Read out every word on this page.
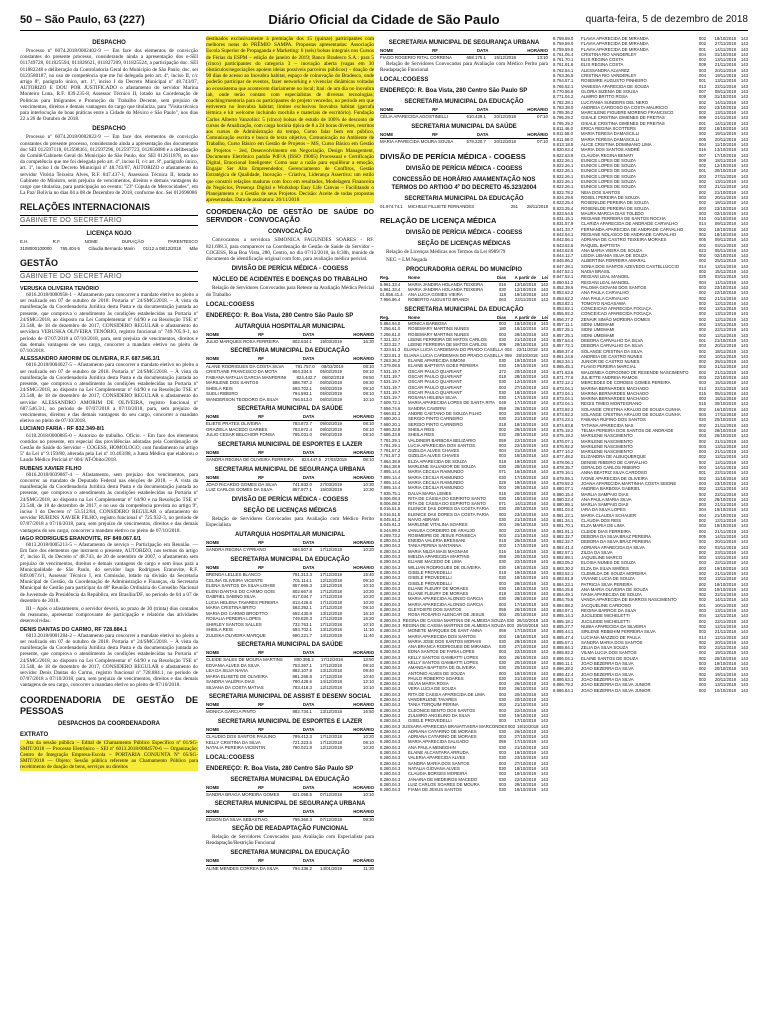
50 – São Paulo, 63 (227)	Diário Oficial da Cidade de São Paulo	quarta-feira, 5 de dezembro de 2018
DESPACHO

Processo nº 6074.2018/0002402-9 — Em face dos elementos de convicção constantes do presente processo, considerando ainda a apresentação dos e-SEI 011749728, 011825594, 011826621, 011827209, 011825524, a participação doc. SEI 011882248 e deliberação da Controladoria Geral do Município de São Paulo, doc. sei 0123580187, no uso de competência que me foi delegada pelo art. 4º, inciso II, c/c artigo 8º, parágrafo único, art. 1º, inciso I do Decreto Municipal nº 48.743/07, AUTORIZO E DOU POR JUSTIFICADO o afastamento do servidor Marina Monteiro Luna, R.F. 839.235-8, Assessor Técnico II, lotado na Coordenação de Políticas para Imigrantes e Promoção do Trabalho Decente, sem prejuízo de vencimentos, direitos e demais vantagens do cargo que titulariza, para "Visita técnica para interlocução de boas práticas entre a Cidade do México e São Paulo", nos dias 22 a 26 de Outubro de 2018.

DESPACHO

Processo nº 6074.2018/0002822-9 — Em face dos elementos de convicção constantes do presente processo, considerando ainda a apresentação dos documentos doc SEI 012597118, 012598361, 012597296, 012597723, 012656086 e a deliberação do Comitê/Gabinete Geral do Município de São Paulo, doc SEI 012611878, no uso da competência que me foi delegada pelo art. 4º, inciso II, c/c art. 8º, parágrafo único, art. 1º, inciso I do Decreto Municipal nº 48.743/07, AUTORIZO o afastamento do servidor Vitória Teixeira Alves, R.F. 847.437-1, Assessora Técnica II, lotada no Gabinete do Ministro, sem prejuízo de vencimentos, direitos e demais vantagens do cargo que titulariza, para participação no evento: "23º Cúpula de Mercocidades", em La Paz/ Bolívia no dias 04 a 08 de Dezembro de 2018, conforme doc. Sei 012696086

RELAÇÕES INTERNACIONAIS
GABINETE DO SECRETÁRIO
LICENÇA NOJO
E.H.	R.F.	NOME	DURAÇÃO	PARENTESCO
3108000100000 765.404-5 Cláudia Bernardo Marin 01/12 a 08/12/2018 Mãe
GESTÃO
GABINETE DO SECRETÁRIO
VERUSKA OLIVEIRA TENÓRIO

6016.2018/0000958-1 – Afastamento para concorrer a mandato eletivo no pleito a ser realizado em 07 de outubro de 2018. Portaria nº 24/SMG/2018. – À vista da manifestação da Coordenadoria Jurídica desta Pasta e da documentação juntada ao presente, que comprova o atendimento às condições estabelecidas na Portaria nº 24/SMG/2018, ao disposto na Lei Complementar nº 64/90 e na Resolução TSE nº 23.548, de 18 de dezembro de 2017, CONSIDERO REGULAR o afastamento do servidora VERUSKA OLIVEIRA TENÓRIO, registro funcional nº 749.705.9-1, no período de 07/07/2018 a 07/10/2018, para, sem prejuízo de vencimentos, direitos e das demais vantagens de seu cargo, concorrer a mandato eletivo no pleito de 07/10/2018.

ALESSANDRO AMORIM DE OLIVEIRA, R.F. 687.546.3/1

6016.2018/0004027-5 – Afastamento para concorrer a mandato eletivo no pleito a ser realizado em 07 de outubro de 2018. Portaria nº 24/SMG/2018. – À vista da manifestação da Coordenadoria Jurídica desta Pasta e da documentação juntada ao presente, que comprova o atendimento às condições estabelecidas na Portaria nº 24/SMG/2018, ao disposto na Lei Complementar nº 64/90 e na Resolução TSE nº 23.548, de 18 de dezembro de 2017, CONSIDERO REGULAR o afastamento do servidor ALESSANDRO AMORIM DE OLIVEIRA, registro funcional nº 687.546.3/1, no período de 07/07/2018 a 07/10/2018, para, sem prejuízo de vencimentos, direitos e das demais vantagens do seu cargo, concorrer a mandato eletivo no pleito de 07/10/2018.

LUCIANO FARIA - RF 832.349-8/1

6110.2018/0000885-0 – Autorizo de trabalho. Ofício. – Em face dos elementos contidos no presente, em especial das providências adotadas pela Coordenação de Gestão de Saúde do Servidor – COGESS, HOMOLOGO, com fundamento no artigo 5º da Lei nº 9.159/80, alterada pela Lei nº 10.463/88, a Junta Médica que elaborou o Laudo Médico Pericial nº 004/ AT-Óbito/2018.

RUBENS XAVIER FILHO

6016.2018/0039867-4 – Afastamento, sem prejuízo dos vencimentos, para concorrer ao mandato de Deputado Federal nas eleições de 2018. – À vista da manifestação da Coordenadoria Jurídica desta Pasta e da documentação juntada ao presente, que comprova o atendimento às condições estabelecidas na Portaria nº 24/SMG/2018, ao disposto na Lei Complementar nº 64/90 e na Resolução TSE nº 23.548, de 18 de dezembro de 2017, e no uso da competência prevista no artigo 9º, inciso I do Decreto nº 53.512/84, CONSIDERO REGULAR o afastamento do servidor RUBENS XAVIER FILHO, registro funcional nº 725.932-3, no período de 07/07/2018 a 07/10/2018, para, sem prejuízo de vencimentos, direitos e das demais vantagens do seu cargo, concorrer a mandato eletivo no pleito de 07/10/2018.

IAGO RODRIGUES ERANOVITE, RF 849.067.6/1

6013.2018/0005213-5 – Afastamento de serviço – Participação em Reunião. — Em face dos elementos que instruem o presente, AUTORIZO, nos termos do artigo 4º, inciso II, do Decreto nº 48.743, de 20 de setembro de 2007, o afastamento sem prejuízo de vencimentos, direitos e demais vantagens do cargo e sem ônus para a Municipalidade de São Paulo, do servidor Iago Rodrigues Eranovite, R.F. 849.067.6/1, Assessor Técnico I, em Comissão, lotado na divisão da Secretaria Municipal de Gestão, da Coordenação de Administração e Finanças, da Secretaria Municipal de Gestão para participar da 48ª Reunião Ordinária do Conselho Nacional de Juventude da Presidência da República, em Brasília/DF, no período de 04 a 07 de dezembro de 2018.

III – Após o afastamento, o servidor deverá, no prazo de 30 (trinta) dias contados do reassumo, apresentar comprovante de participação e relatório das atividades desenvolvidas.

DENIS DANTAS DO CARMO, RF 728.884.1

6013.2018/0001284-2 – Afastamento para concorrer a mandato eletivo no pleito a ser realizado em 07 de outubro de 2018. Portaria nº 24/SMG/2018. – À vista da manifestação da Coordenadoria Jurídica desta Pasta e da documentação juntada ao presente, que comprova o atendimento às condições estabelecidas na Portaria nº 24/SMG/2018, ao disposto na Lei Complementar nº 64/90 e na Resolução TSE nº 23.548, de 18 de dezembro de 2017, CONSIDERO REGULAR o afastamento do servidor Denis Dantas do Carmo, registro funcional nº 728.884.1, no período de 07/07/2018 a 07/10/2018, para, sem prejuízo de vencimentos, direitos e das demais vantagens de seu cargo, concorrer a mandato eletivo no pleito de 07/10/2018.

COORDENADORIA DE GESTÃO DE PESSOAS
DESPACHOS DA COORDENADORA
EXTRATO

Ata da sessão pública – Edital de Chamamento Público Específico nº 01/SG-SMIT/2018 — Processo Eletrônico – SEI nº 6013.2018/0004570-6 — Organização: Centro de Integração Empresa-Escola – PORTARIA CONJUNTA Nº 05/SG-SMIT/2018 — Objeto: Sessão pública referente ao Chamamento Público para recebimento de doação de bens, serviços ou direitos

destinados exclusivamente à premiação dos 15 (quinze) participantes com melhores notas do PRÊMIO SAMPA. Propostas apresentadas: Associação Escola Superior de Propaganda e Marketing: 6 (seis) bolsas integrais nos Cursos de Férias da ESPM – edição de janeiro de 2019; Banco Bradesco S.A.: para 5 (cinco) participantes do categoria 3 – inovação aberta (vagas em 30 obstáculos/negociações apoiem ideias possíveis parceiros públicos) – doação de 90 dias de acesso ao Inovabra habitat, espaço de coinovação do Bradesco, onde poderão participar de eventos, fazer networking e vivenciar dinâmicas voltadas ao ecossistema que acontecem diariamente no local; Itaú: de um dia no inovabra lab, onde terão contato com especialistas de diversas tecnologias; coaching/mentoria para os participantes do projeto vencedor, no período em que estiverem no Inovabra habitat; limites exclusivos Inovabra habitat (garrafa térmica e kit welcome incluindo mochila e materiais de escritório). Fundação Carlos Alberto Vanzolini: 5 (cinco) bolsas de estudo de 100% de desconto de cursos de Atualização, com carga horária típica de 8 a 24 horas divertes, restritos aos cursos de Administração do tempo, Como falar bem em público, Comunicação escrita e busca de texto objetivo, Comunicação no Ambiente de Trabalho, Curso Básico em Gestão de Projetos – MS, Curso Básico em Gestão de Projetos – 2ed, Desenvolvimento em Negociação, Design Management, Documento Eletrônico padrão PdF/A (ISSO 19005) Processual e Certificação Digital, Emocional Inteligente: Como usar a razão para equilibrar a emoção, Engajar Ser Alto Empreendedor, Gerenciamento de Conflitos, Gestão Estratégica de Qualidade, Inovação – Criativa, Liderança Assertiva: um estilo que constrói relações maduras com foco em resultados, Modelagem Financeira de Negócios, Presença Digital e Workshop Easy Life Canvas – Facilitando o Planejamento e a Gestão de seus Projetos. Decisão: Aceite de todas propostas apresentadas. Data de assinatura: 26/11/2018

COORDENAÇÃO DE GESTÃO DE SAÚDE DO SERVIDOR - CONVOCAÇÃO
CONVOCAÇÃO

Convocamos a servidora SIMONICA FAGUNDES SOARES - RF. 821.698.3, para comparecer na Coordenação de Gestão de Saúde do Servidor – COGESS, Rua Boa Vista, 280, Centro, no dia 07/12/2018, às 8:30h, munido de documento de identificação original com foto, para avaliação médica pericial.

DIVISÃO DE PERÍCIA MÉDICA - COGESS
NÚCLEO DE ACIDENTES E DOENÇAS DO TRABALHO

Relação de Servidores Convocados para Reteste na Avaliação Médica Pericial do Trabalho

LOCAL:COGESS
ENDEREÇO: R. Boa Vista, 280 Centro São Paulo SP
AUTARQUIA HOSPITALAR MUNICIPAL
NOME	RF	DATA	HORÁRIO
JULIO MARQUES ROSA FERREIRA	802.634.1	19/03/2019	16:30
SECRETARIA MUNICIPAL DA EDUCAÇÃO
NOME	RF	DATA	HORÁRIO
ALANE RODRIGUES DA COSTA SILVA	791.757.0	08/02/2019	08:10
CRISTIANE FRANCISCO DA MOTA	804.334.5	05/02/2019	08:10
FABIANA NATALIA GARCIA MANFERINI	824.442.7	06/02/2019	09:50
MARILENE DOS SANTOS	588.787.2	06/02/2019	08:30
SHEILA REIS	593.702.1	06/02/2019	09:10
SUELI RIBEIRO	794.593.1	05/02/2019	08:10
WANDERSON TEODORO DA SILVA	766.513.0	06/02/2019	10:10
SECRETARIA MUNICIPAL DA SAÚDE
NOME	RF	DATA	HORÁRIO
ELIETE PRATES OLIVEIRA	783.872.7	09/02/2019	08:10
GRAZIELA MACEDO GARBES	783.872.4	09/02/2019	08:10
JULIO CESAR BELCHIOR FONSA	785.031.0	09/02/2019	08:10
SECRETARIA MUNICIPAL DE ESPORTES E LAZER
NOME	RF	DATA	HORÁRIO
SANDRA REGINA DE OLIVEIRA FERREIRA	824.447.5 27/03/2019	08:10
SECRETARIA MUNICIPAL DE SEGURANÇA URBANA
NOME	RF	DATA	HORÁRIO
JOAO RICARDO GOMES DA SILVA	741.932.0	27/03/2019	10:30
LUIZ CARLOS GOMES DA SILVA	857.977.1	15/03/2019	10:30
DIVISÃO DE PERÍCIA MÉDICA - COGESS
SEÇÃO DE LICENÇAS MÉDICAS

Relação de Servidores Convocados para Avaliação com Médico Perito Especialista

AUTARQUIA HOSPITALAR MUNICIPAL
NOME	RF	DATA	HORÁRIO
SANDRA REGINA CYPRIANO	694.507.8	17/12/2018	10:20
SECRETARIA MUNICIPAL DA EDUCAÇÃO
NOME	RF	DATA	HORÁRIO
BRENDA LELLES BLANCO	791.313.3	17/12/2018	15:40
CELINA OLIVEIRA VICENTE	701.114.1	12/12/2018	09:10
ELENA SANTOS DA SILVA LOHSE	857.965.3	13/12/2018	10:10
ELENI DANTAS DO CARMO GOIS	802.667.8	17/12/2018	10:20
GABRIEL SABINO SILVA	817.034.7	17/12/2018	10:20
LUCIA HELENA TAVARES PEREIRA	813.426.5	17/12/2018	10:20
MARIA CRISTINA BRITO	593.392.1	17/12/2018	09:10
MARIA DO CARMO BRODTTO	692.430.9	13/12/2018	16:10
ROSALIA PEREIRA LOPES	749.820.3	17/12/2018	15:20
SHIRLEY SANTOS SALLES	732.763.1	17/12/2018	10:10
SHEILA REIS	593.702.1	13/12/2018	11:10
ZULEIKA OLIVEIRA MARQUE	690.221.7	14/12/2018	11:40
SECRETARIA MUNICIPAL DA SAÚDE
NOME	RF	DATA	HORÁRIO
CLEIDE SALES DE MOURA MARTINS	800.395.2	17/12/2018	13:50
EDVANIA ALVES DA SILVA	753.367.1	17/12/2018	09:10
LEA DA SILVA NAVIA	882.107.8	13/12/2018	09:40
MARIA ELISETE DE OLIVEIRA	881.265.8	17/12/2018	10:40
SANDRA VALÉRIA DIAS	780.428.6	14/12/2018	12:10
SILVANA DA COSTA MATIAS	783.418.3	12/12/2018	10:10
SECRETARIA MUNICIPAL DE ASSIST E DESENV SOCIAL
NOME	RF	DATA	HORÁRIO
MONICA GARCIA PINTO	882.734.1	13/12/2018	16:50
SECRETARIA MUNICIPAL DE ESPORTES E LAZER
NOME	RF	DATA	HORÁRIO
CLAUDIO DOS SANTOS PAULINO	789.412.3	17/12/2018	10:20
KELLY CRISTINA DA SILVA	721.323.5	17/12/2018	09:10
NATALIA PEREIRA VICENTIN	780.021.8	12/12/2018	10:20
LOCAL:COGESS
ENDEREÇO: R. Boa Vista, 280 Centro São Paulo SP
SECRETARIA MUNICIPAL DA EDUCAÇÃO
NOME	RF	DATA	HORÁRIO
SANDRA BRAGA MOREIRA GOMES	821.058.5	07/12/2018	10:10
SECRETARIA MUNICIPAL DE SEGURANÇA URBANA
NOME	RF	DATA	HORÁRIO
EDSON DA SILVA SEBASTIAO	795.360.3	07/12/2018	09:30
SEÇÃO DE READAPTAÇÃO FUNCIONAL

Relação de Servidores Convocados para Avaliação com Especialista para Readaptação/Restrição Funcional

SECRETARIA MUNICIPAL DA EDUCAÇÃO
NOME	RF	DATA	HORÁRIO
ALINE MENDES CORREA DA SILVA	794.336.2	14/01/2019	11:30
SECRETARIA MUNICIPAL DE SEGURANÇA URBANA
NOME	RF	DATA	HORÁRIO
FIAGO ROGERIO RITAL CORRENA	658.175.1	15/12/2018	13:10

Relação de Servidores Convocados para Avaliação com Médico Perito para Readaptação Funcional

LOCAL:COGESS
ENDEREÇO: R. Boa Vista, 280 Centro São Paulo SP
SECRETARIA MUNICIPAL DA EDUCAÇÃO
NOME	RF	DATA	HORÁRIO
CÉLIA APARECIDA AGOSTINELLI	610.429.1	20/12/2018	07:10
SECRETARIA MUNICIPAL DA SAÚDE
NOME	RF	DATA	HORÁRIO
MARIA APARECIDA MOURA SOUSA	578.220.7	20/12/2018	07:10
DIVISÃO DE PERÍCIA MÉDICA - COGESS
DIVISÃO DE PERÍCIA MÉDICA - COGESS
CONCESSÃO DE HORÁRIO AMAMENTAÇÃO NOS TERMOS DO ARTIGO 4º DO DECRETO 45.323/2004
SECRETARIA MUNICIPAL DA EDUCAÇÃO
01.974.74.1	MICHELE FILLIETE FERNANDES	251	28/11/2018
RELAÇÃO DE LICENÇA MÉDICA
DIVISÃO DE PERÍCIA MÉDICA - COGESS
SEÇÃO DE LICENÇAS MÉDICAS

Relação de Licenças Médicas nos Termos da Lei 8989/79

NEG = LM Negada

PROCURADORIA GERAL DO MUNICÍPIO
Reg.	Nome	Dias	A partir de	Lei
5.961.33.4	MARIA JANDIRA HOLANDA TEIXEIRA	016	13/10/2018	143
5.961.33.4	MARIA JANDIRA HOLANDA TEIXEIRA	030	12/10/2018	143
01.856.41.4	ANA LUCIA GOMES VIEIRA	118	19/10/2018	143
7.956.86.4	ROBERTO AUGUSTO BRANDI	063	22/11/2018	143
SECRETARIA MUNICIPAL DA EDUCAÇÃO
Reg.	Nome	Dias	A partir de	Lei
5.884.94.0	MONICA BARBOSA	003	18/10/2018	143
7.256.61.0	ROSEMARY MARTINS NUNES	180	18/10/2018	143
7.256.61.0	ROSEMARY MARTINS NUNES	003	28/10/2018	143
7.321.33.7	LEENE FERREIRA DE MATOS CARLOS	030	21/10/2018	143
7.323.32.7	LEENE FERREIRA DE MATOS CARLOS	009	29/10/2018	143
7.323.51.3 ELIANA LUCIA CARDEMAN DO PRADO CASELLA 003	22/11/2018 143
7.323.51.3 ELIANA LUCIA CARDEMAN DO PRADO CASELLA 059	28/10/2018 143
7.263.36.2	ELAINE APARECIDA SIMONI	030	19/10/2018	143
7.379.08.5	ELAINE BAPTISTA GOES PEREIRA	030	19/10/2018	143
7.531.19.7	OSCAR PAULO QUARIANT	372	20/10/2018	143
7.531.19.7	OSCAR PAULO QUARIANT	018	28/10/2018	143
7.531.19.7	OSCAR PAULO QUARIANT	030	12/10/2018	143
7.531.19.7	OSCAR PAULO QUARIANT	003	27/10/2018	143
7.531.19.7	OSCAR PAULO QUARIANT	030	18/10/2018	143
7.531.19.7	ROSANA HELENA SILVA	030	17/10/2018	143
7.609.72.1	MARIA APARECIDA LOPES DE SANTA RITA 049	17/10/2018	143
7.656.74.6	SANDRA CAVERNI	059	26/10/2018	143
7.666.81.3	ANDRE CAETANO DE SOUZA FILHO	003	20/10/2018	143
7.680.20.1	SERGIO PINTO CARNEIRO	030	21/10/2018	143
7.680.20.1	SERGIO PINTO CARNEIRO	018	18/10/2018	143
7.686.33.8	SHEILA REIS	002	26/10/2018	143
7.686.33.8	SHEILA REIS	032	28/10/2018	143
7.781.29.1	VALDINEIR BARBOSA BELIZARIO	059	22/10/2018	143
7.781.29.1	LUCIA APARECIDA DOS SANTOS	003	22/10/2018	143
7.781.57.2	GIZELDA ALVES CHAVES	004	21/10/2018	143
7.781.57.2	GIZELDA ALVES CHAVES	003	18/10/2018	143
7.864.38.9	ELZA APARECIDA DE SOUZA	018	19/10/2018	143
7.864.38.9	MARLENE SALVADOR DE SOUZA	030	28/10/2018	143
7.895.14.4	MARIA CECILIA RAIMUNDO	071	16/10/2018	143
7.895.14.4	MARIA CECILIA RAIMUNDO	030	17/10/2018	143
7.895.14.4	MARIA CECILIA RAIMUNDO	029	19/10/2018	143
7.895.14.4	MARIA CECILIA RAIMUNDO	003	29/10/2018	143
7.935.75.1	DALVA MARIA LEMES	015	20/10/2018	143
8.006.08.3	RITA DE CÁSSIA DO ESPIRITO SANTO	030	18/10/2018	143
8.006.08.3	RITA DE CÁSSIA DO ESPIRITO SANTO	071	14/11/2018	143
8.016.51.5	ELENICE DAS DORES DA COSTA FARIA	030	20/10/2018	143
8.016.51.5	ELENICE DAS DORES DA COSTA FARIA	003	23/10/2018	143
8.045.61.3	NAIVO ABRAMI	030	21/10/2018	143
8.045.61.3	MARLENE VITALINA SOARES	003	26/10/2018	143
8.244.99.3	VANUSA CORDEIRO DE ARAUJO	003	22/10/2018	143
8.269.73.2	ROSIMEIRE DE JESUS FONSECA	003	21/10/2018	143
8.280.04.3	ENEIDA VALERIA BRESSANI	018	25/10/2018	143
8.280.04.3	TANIA PERINA SANTANNA	003	17/10/2018	143
8.280.04.3	MARIA NILDA MAIS MAGNANI	016	15/10/2018	143
8.280.04.3	IMELDA APARECIDA MARTINS	059	20/10/2018	143
8.280.04.3	ELIANE MACEDO DE LIMA	030	22/10/2018	143
8.280.04.3	WILLIAN RODRIGUES DE OLIVEIRA	030	19/10/2018	143
8.280.04.3	GISELE PROVEDELLI	018	19/10/2018	143
8.280.04.3	GISELE PROVEDELLI	030	18/10/2018	143
8.280.04.3	GISELE PROVEDELLI	003	28/10/2018	143
8.280.04.3	ELIANE FLEURY DE MORAES	030	18/10/2018	143
8.280.04.3	ELIANE FLEURY DE MORAES	018	23/10/2018	143
8.280.04.3	MARIA APARECIDA ALONSO GARCIA	030	28/10/2018	143
8.280.04.3	MARIA APARECIDA ALONSO GARCIA	003	17/10/2018	143
8.280.04.3	GLEYDISTE DOS SANTOS	059	26/10/2018	143
8.280.04.3	ROSA ROSARIO ALENCAR DE JESUS	003	20/10/2018	143
8.280.04.3 REGINA DE CASSIA MARTINS DE ALMEIDA SOUZA 030 26/10/2018 143
8.280.04.3 REGINA DE CASSIA MARTINS DE ALMEIDA SOUZA 003 29/10/2018 143
8.280.04.3	MONETE MARQUES DE SANT ANNA	059	17/10/2018	143
8.280.04.3	MARIA APARECIDA DOS SANTOS	003	18/10/2018	143
8.280.04.3	MARIA JOSE DOS SANTOS MORAIS	030	28/10/2018	143
8.280.04.3	ANA BRANCA RODRIGUES DE MIRANDA	030	27/10/2018	143
8.280.04.3	EDNA SANTOS DE FARIA LOPES	003	22/10/2018	143
8.280.04.3	KELLY SANTOS GAMBATTI LOPES	003	26/10/2018	143
8.280.04.3	KELLY SANTOS GAMBATTI LOPES	030	20/10/2018	143
8.280.04.3	AMANDA BAPTISTA DE OLIVEIRA	030	20/10/2018	143
8.280.04.3	ANTONIO ALVES DE SOUZA	003	19/10/2018	143
8.280.04.3	PAULO ROBERTO SOARES	030	21/10/2018	143
8.280.04.3	SILVIA MARIA ROSA	003	26/10/2018	143
8.280.04.3	VERA LUCIA DE SOUZA	030	26/10/2018	143
8.280.04.3	RITA DE CASSIA APARECIDA DE LIMA	003	20/10/2018	143
8.280.04.3	VANDERLENE TAVARES	030	20/10/2018	143
8.280.04.3	TANIA TORQUIM PERINA	003	21/10/2018	143
8.280.04.3	CLEONICE BENTO DOS SANTOS	003	22/10/2018	143
8.280.04.3	ZULMIRO ANGELINO DA SILVA	030	19/10/2018	143
8.280.04.3	GISELE PROVEDELLI	003	17/10/2018	143
8.280.04.3 JUSSARA APARECIDA BRAVATIVIERA MARCONDES 003 19/10/2018 143
8.280.04.3	ADRIANA CATARINO DE MORAES	030	26/10/2018	143
8.280.04.3	ADRIANA CATARINO DE MORAES	003	27/10/2018	143
8.280.04.3	MARIA APARECIDA SALGADO	059	17/10/2018	143
8.280.04.3	ANA PAULA MENEGHIN	030	21/10/2018	143
8.280.04.3	ELAINE ALCANTARA ARRUDA	003	19/10/2018	143
8.280.04.3	VALERIA APARECIDA ALVES	030	23/10/2018	143
8.280.04.3	SANDRA MARIA DOS SANTOS	003	27/10/2018	143
8.280.04.3	NATALIA GIOVANA ALVES	030	18/10/2018	143
8.280.04.3	CLAUDIA BORGES MOREIRA	003	18/10/2018	143
8.280.04.3	JANAINA DE MEDEIROS MACEDO	030	22/10/2018	143
8.280.04.3	LUIZ CARLOS SOARES DE MOURA	003	29/10/2018	143
8.280.04.3	FIAMA DE JESUS SANTOS	030	18/10/2018	143
8.759.59.0	FLAVIA APARECIDA DE MIRANDA	002	18/10/2018	143
8.759.59.0	FLAVIA APARECIDA DE MIRANDA	002	27/11/2018	143
8.759.59.0	FLAVIA APARECIDA DE MIRANDA	001	14/11/2018	143
8.761.05.4	CRISTINA RIO VANDERLEY	004	31/10/2018	143
8.761.70.1	ELIS REGINA COSTA	002	13/11/2018	143
8.761.81.6	ELIS REGINA COSTA	009	21/11/2018	143
8.762.54.1	ALESSANDRA ALVAREZ	003	20/11/2018	143
8.763.36.5	CRISTINA RIO VANDERLEY	004	19/11/2018	143
8.764.57.1	ROSEMRE AUGUSTO PINHEIRO	001	13/11/2018	143
8.765.52.1	VANESSA APARECIDA DE SOUZA	013	22/11/2018	143
8.770.56.6	GLORIA SIZENIA DE SOUSA	007	09/11/2018	143
8.771.04.2	ALMIRO BRITTO ROSA	009	31/10/2018	143
8.782.28.1	LUCITANIA SUNDERS DEL NERO	002	14/11/2018	143
8.783.38.0	ANDREIA CARDOSO DA COSTA MAURICIO	002	23/10/2018	143
8.785.36.2	MARCILENE FIGUERE MORENO FRANCISCO	002	13/11/2018	143
8.795.29.2	GISALE CRISTINA GIMENES DE FREITAS	009	21/11/2018	143
8.795.29.2	GISALE CRISTINA GIMENES DE FREITAS	001	14/11/2018	143
8.811.46.0	ERICA REGINA SCOTTERS	002	18/10/2018	143
8.811.58.0	MARIA TERESA DAMASCILLI	002	19/11/2018	143
8.811.58.0	MARIA TERESA DAMASCILLI	005	20/11/2018	143
8.813.18.5	ALICE CRISTINA DOMINIANO LIMA	004	11/10/2018	143
8.820.63.4	MARIA DOS SANTOS ANDRÉ	016	13/10/2018	143
8.822.63.9	CLAUDIA REGINA BENATI	007	17/10/2018	143
8.822.26.1	EUNICE LOPES DE SOUZA	009	18/11/2018	143
8.822.26.1	EUNICE LOPES DE SOUZA	002	12/10/2018	143
8.822.26.1	EUNICE LOPES DE SOUZA	001	30/10/2018	143
8.822.26.1	EUNICE LOPES DE SOUZA	003	27/11/2018	143
8.822.26.1	EUNICE LOPES DE SOUZA	002	13/11/2018	143
8.822.26.1	EUNICE LOPES DE SOUZA	003	21/11/2018	143
8.822.78.2	NEIA DOS SANTOS	002	21/10/2018	143
8.824.29.6	ROSELI PEREIRA DE SOUZA	003	20/11/2018	143
8.823.25.4	ROSENILDE PEREIRA DE SOUZA	002	18/11/2018	143
8.823.25.4	ROSENILDE PEREIRA DE SOUZA	003	23/10/2018	143
8.823.54.5	MAURA MARCIA DIAS TOLEDO	003	02/10/2018	143
8.831.15.1	REGIANE FERREIRA DE SANTOS ROCHA	010	01/10/2018	143
8.831.57.9	CLARIZA APARECIDA DE ANDRADE CARVALHO	014	09/11/2018	143
8.841.33.7	FERNANDA APARECIDA DE ANDRADE CARVALHO	002	18/10/2018	143
8.842.54.1	REGIANE NOLASCO DE ANDRADE CARVALHO	002	18/10/2018	143
8.842.56.1	ADRIANA DE CASTRO TEIXEIRA MORAES	005	09/11/2018	143
8.843.62.6	RAQUEL BAPTISTA	002	03/11/2018	143
8.843.62.6	ANA MARIA VIEIRA DE SOUZA	023	05/11/2018	143
8.844.12.7	LEIDIA LIBANIA SILVA DE SOUZA	002	02/10/2018	143
8.845.86.2	ALBERTINA FERREIRA AMARAL	002	25/11/2018	143
8.847.28.1	SONIA DOS SANTOS AZEVEDO CASTELLUCCIO	014	13/11/2018	143
8.847.52.1	NADIA BRASIL	002	15/11/2018	143
8.847.52.1	REGIANI LEAL MANOEL	025	03/11/2018	143
8.850.51.2	REGIANI LEAL MANOEL	004	11/11/2018	143
8.852.39.6	PALOMA GIOVANI DOS SANTOS	003	23/10/2018	143
8.853.62.2	ANA PAULA CARVALHO	002	22/10/2018	143
8.853.62.2	ANA PAULA CARVALHO	002	21/11/2018	143
8.853.82.1	TOMOYO NAGASAWA	002	12/11/2018	143
8.853.82.1	CONCEICAO APARECIDA FOGAÇA	002	12/11/2018	143
8.855.92.2	CONCEICAO APARECIDA FOGAÇA	002	13/11/2018	143
8.856.27.2	ZENAIR SIMÃO MOREIRA GOMES	002	12/11/2018	143
8.857.11.1	SIDNI UMEMAMI	002	13/11/2018	143
8.857.25.1	SIDNI UMEMAMI	002	22/11/2018	143
8.857.25.1	SIDNI UMEMAMI	002	12/11/2018	143
8.857.54.4	DEBORA CARVALHO DA SILVA	001	21/10/2018	143
8.857.72.1	DEBORA CARVALHO DA SILVA	003	20/11/2018	143
8.858.37.4	SOLANGE CRISTINA DA SILVA	002	18/11/2018	143
8.861.24.6	ANDREIA DE CASTRO NUNES	002	10/11/2018	143
8.863.34.1	JUNIOR DE CASTRO NUNES	002	25/11/2018	143
8.865.45.1	FLAVIO PEREIRA MARCIAL	002	21/11/2018	143
8.871.63.6	WALDINEIA GORGONIO DE RESENDE NASCIMENTO	002	21/11/2018	143
8.871.77.6	JULIETTE ANDREIA RAMOS	003	22/10/2018	143
8.872.12.1	MERCEDES DE CORDEIS GOMES PEREIRA	003	15/11/2018	143
8.873.04.1	MARINA BERNARDES MACHADO	013	22/11/2018	143
8.873.04.1	MARINA BERNARDES MACHADO	015	05/11/2018	143
8.873.04.1	MARINA BERNARDES MACHADO	003	15/11/2018	143
8.873.04.1	REGIS TIMEO MONTEGRANO	015	30/10/2018	143
8.873.92.2	SOLANGE CRISTINA ARAUJO DE SOUZA CUNHA	002	16/10/2018	143
8.873.92.2	SOLANGE CRISTINA ARAUJO DE SOUZA CUNHA	003	17/11/2018	143
8.874.23.1	FABIANA RUFINO DOS SANTOS	020	20/10/2018	143
8.874.83.8	TATIANA APARECIDA NAS	002	21/11/2018	143
8.875.19.2	TELMA PEREIRA DOS SANTOS DE ANDRADE	002	28/10/2018	143
8.875.19.2	MARILENE NASCIMENTO	003	26/10/2018	143
8.876.07.1	MARILENE NASCIMENTO	002	21/11/2018	143
8.876.92.2	MARILENE NASCIMENTO	003	13/11/2018	143
8.877.14.2	MARILENE NASCIMENTO	003	21/11/2018	143
8.877.48.2	ELIZANDRA DE ALBUQUERQUE	002	12/11/2018	143
8.878.06.1	DENISE RIBEIRO DE CARVALHO	002	12/11/2018	143
8.878.35.7	GERALDO CARLOS RIBEIRO	003	14/11/2018	143
8.879.16.1	ANNA BEATRIZ SILVA CARDOSO	001	22/11/2018	143
8.879.59.1	IVONE APARECIDA DE OLIVEIRA	002	11/10/2018	143
8.879.92.2	JOANA APARECIDA MARTINHA COSTA SEIDNE	003	23/10/2018	143
8.880.07.1	ANDREA BARBOSA GABRIEL	002	12/11/2018	143
8.880.15.4	MARLIA SAMPAIO DIAS	002	22/11/2018	143
8.880.22.4	ANA PAULA MARIA SILVA	002	28/10/2018	143
8.880.89.1	MARLIA SAMPAIO DIAS	003	21/11/2018	143
8.881.03.4	IARA DA SILVA LOPES	004	19/10/2018	143
8.881.22.1	MARIA CLAUDIA SCHAUER	004	21/10/2018	143
8.881.34.1	CLAUDIA DOS REIS	002	12/11/2018	143
8.881.70.1	ELZA MARIA DE LIMA	003	19/10/2018	143
8.881.91.1	CLEIDE DIAS FERREIRA	002	21/11/2018	143
8.882.32.7	DEBORA DA SILVA BRAZ PEREIRA	005	14/11/2018	143
8.882.32.7	DEBORA DA SILVA BRAZ PEREIRA	002	20/11/2018	143
8.882.41.4	ADRIANA APARECIDA DA SILVA	002	03/11/2018	143
8.882.57.1	ZILDA DA SILVA	002	23/11/2018	143
8.882.89.1	JAQUELINE MARCO	003	13/11/2018	143
8.883.05.2	ELOISA NUNES DE SOUZA	003	22/11/2018	143
8.883.30.2	ELZA DA SILVA SIMÕES	003	19/10/2018	143
8.883.52.1	CLEMILDA DE SOUZA MOREIRA	002	21/11/2018	143
8.883.81.9	VIVIANE LUCIA DE SOUZA	003	13/11/2018	143
8.884.23.1	PATRICIA SILVA PEREIRA	002	18/10/2018	143
8.884.25.6	ANA MARIA OLIVEIRA DE SOUZA	003	19/10/2018	143
8.884.49.1	IVANA APARECIDA DE SOUZA	002	22/11/2018	143
8.884.75.6	VANDA APARECIDA DE BARROS NASCIMENTO	002	14/11/2018	143
8.884.88.2	JACQUELINE CARDOSO	001	10/11/2018	143
8.884.97.1	REGINA BARROS DA SILVA	003	13/11/2018	143
8.885.14.1	JUCILEIDE MICHELETTI	004	12/11/2018	143
8.885.18.1	JUCILEIDE MICHELETTI	002	22/11/2018	143
8.885.27.7	NUBIA APARECIDA DA SILVEIRA	002	12/11/2018	143
8.885.44.1	SIRLENE REBEHIM FERREIRA SILVA	002	21/11/2018	143
8.885.47.4	LUCIANA MAZZEO DE PAULA	014	12/11/2018	143
8.885.57.1	SANDRA MARIA DOS SANTOS	002	20/11/2018	143
8.885.84.1	ZELIA DA SILVA SOUZA	002	23/11/2018	143
8.885.92.2	VILMA LUCIA DOS SANTOS	002	19/11/2018	143
8.886.04.1	ELAINE SANTOS DE SOUZA	002	25/10/2018	143
8.886.11.1	JOAO BEZERRA DA SILVA	003	19/10/2018	143
8.886.28.2	JOAO BEZERRA DA SILVA	002	20/10/2018	143
8.886.42.4	JOAO BEZERRA DA SILVA	002	19/11/2018	143
8.886.63.1	JOAO BEZERRA DA SILVA	002	20/11/2018	143
8.886.79.2	JOAO BEZERRA DA SILVA JUNIOR	003	13/11/2018	143
8.886.84.1	JOAO BEZERRA DA SILVA JUNIOR	002	10/10/2018	143
